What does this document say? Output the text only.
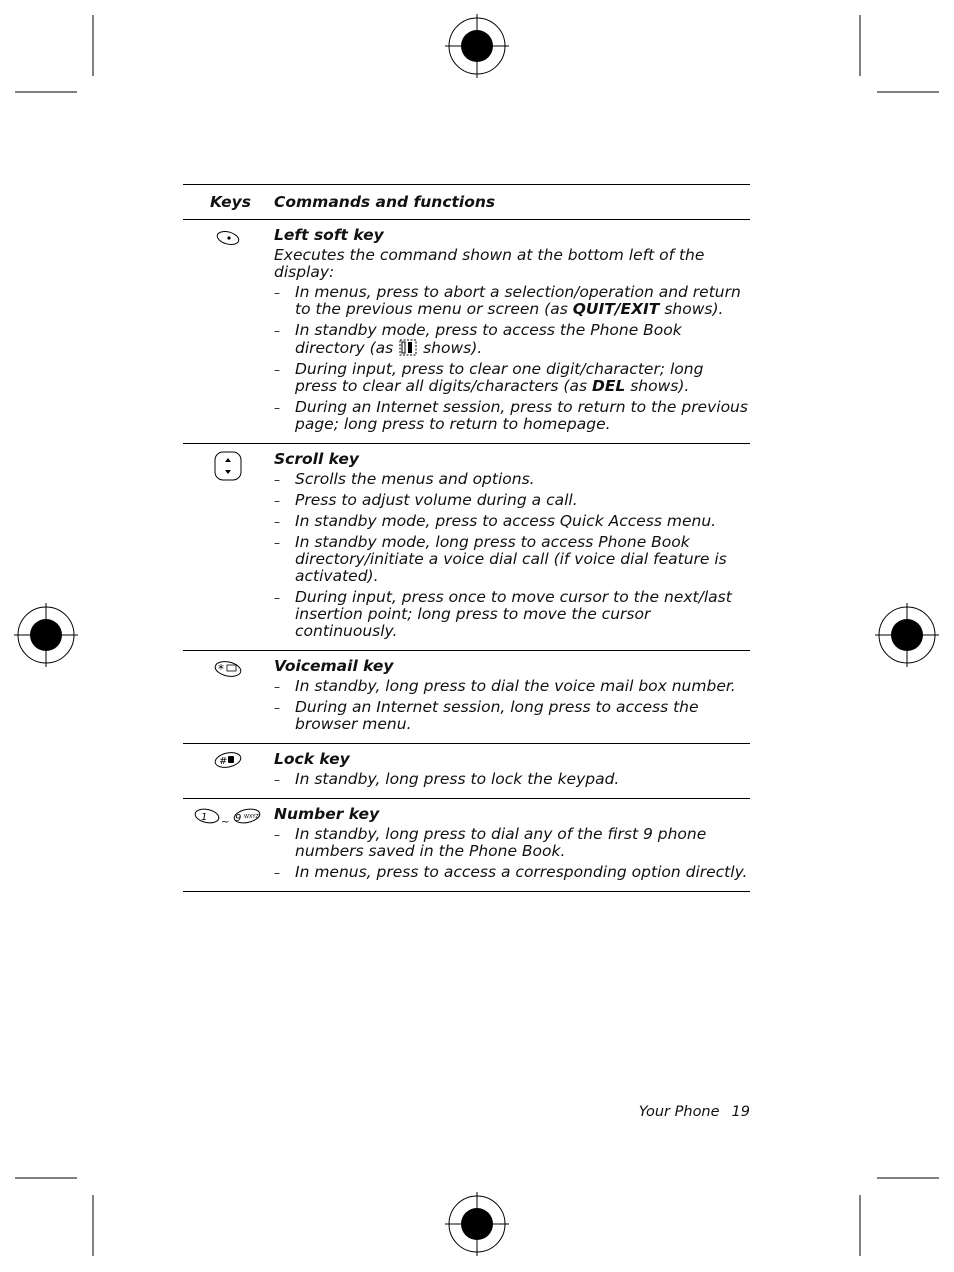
Keys Commands and functions
Left soft key
Executes the command shown at the bottom left of the display:
– In menus, press to abort a selection/operation and return to the previous menu or screen (as QUIT/EXIT shows).
– In standby mode, press to access the Phone Book directory (as  shows).
– During input, press to clear one digit/character; long press to clear all digits/characters (as DEL shows).
– During an Internet session, press to return to the previous page; long press to return to homepage.
Scroll key
– Scrolls the menus and options.
– Press to adjust volume during a call.
– In standby mode, press to access Quick Access menu.
– In standby mode, long press to access Phone Book directory/initiate a voice dial call (if voice dial feature is activated).
– During input, press once to move cursor to the next/last insertion point; long press to move the cursor continuously.
*	Voicemail key
– In standby, long press to dial the voice mail box number.
– During an Internet session, long press to access the browser menu.
#	Lock key
– In standby, long press to lock the keypad.
1 ~ 9 WXYZ Number key
– In standby, long press to dial any of the first 9 phone numbers saved in the Phone Book.
– In menus, press to access a corresponding option directly.
Your Phone 19
